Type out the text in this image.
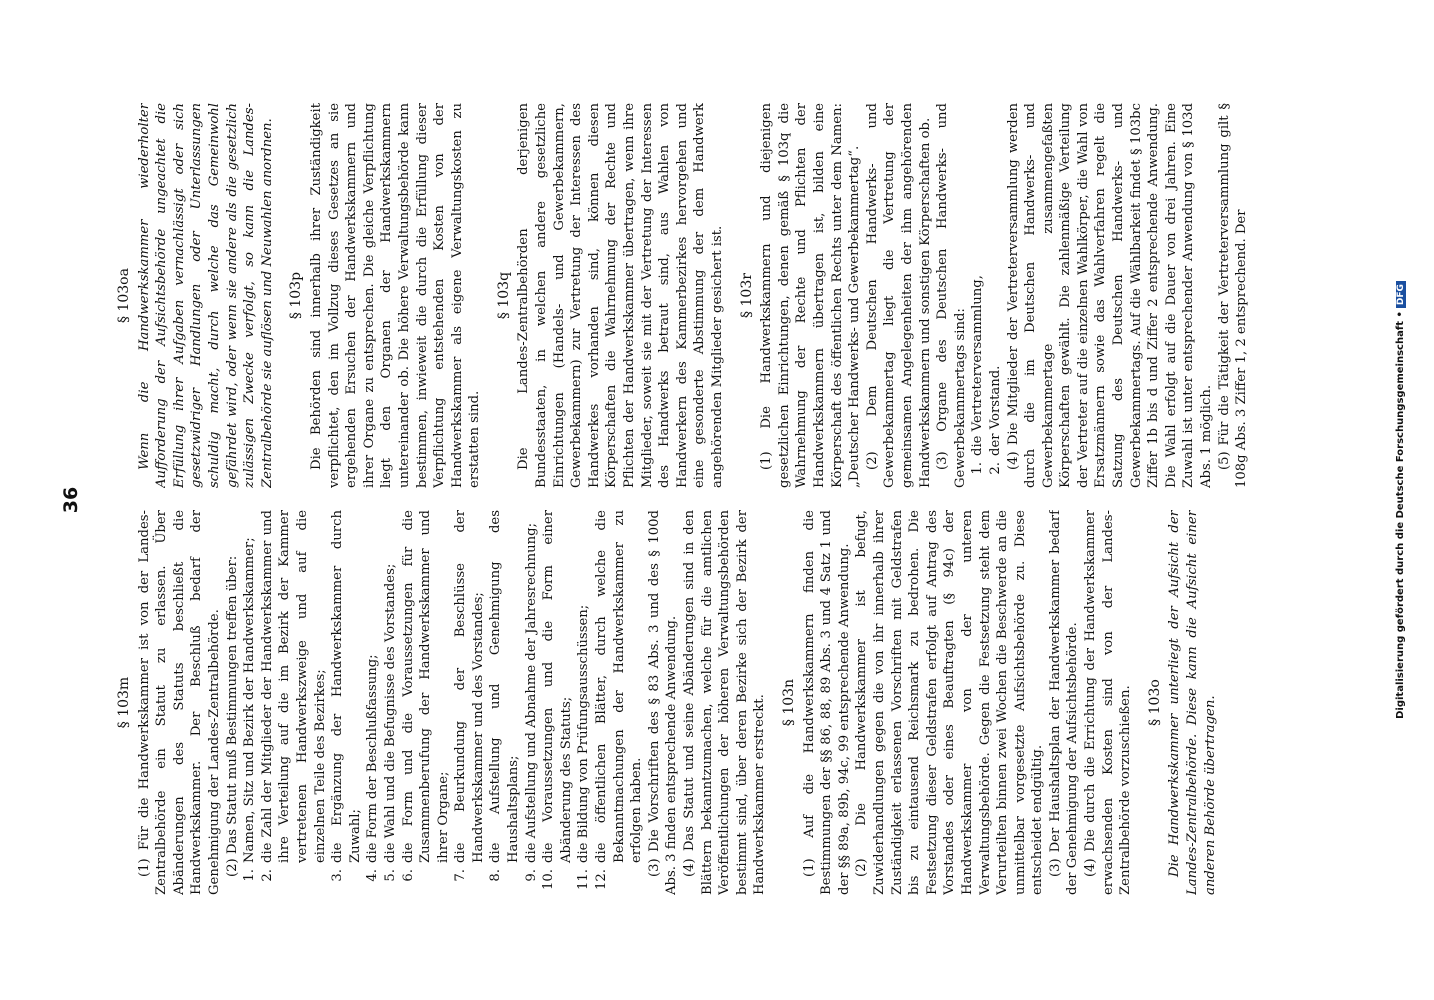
36
§ 103m (1) Für die Handwerkskammer ist von der Landes-Zentralbehörde ein Statut zu erlassen. Über Abänderungen des Statuts beschließt die Handwerkskammer. Der Beschluß bedarf der Genehmigung der Landes-Zentralbehörde. (2) Das Statut muß Bestimmungen treffen über: 1.
Namen, Sitz und Bezirk der Handwerkskammer;
2.
die Zahl der Mitglieder der Handwerkskammer und ihre Verteilung auf die im Bezirk der Kammer vertretenen Handwerkszweige und auf die einzelnen Teile des Bezirkes;
3.
die Ergänzung der Handwerkskammer durch Zuwahl;
4.
die Form der Beschlußfassung;
5.
die Wahl und die Befugnisse des Vorstandes;
6.
die Form und die Voraussetzungen für die Zusammenberufung der Handwerkskammer und ihrer Organe;
7.
die Beurkundung der Beschlüsse der Handwerkskammer und des Vorstandes;
8.
die Aufstellung und Genehmigung des Haushaltsplans;
9.
die Aufstellung und Abnahme der Jahresrechnung;
10.
die Voraussetzungen und die Form einer Abänderung des Statuts;
11.
die Bildung von Prüfungsausschüssen;
12.
die öffentlichen Blätter, durch welche die Bekanntmachungen der Handwerkskammer zu erfolgen haben. (3) Die Vorschriften des § 83 Abs. 3 und des § 100d Abs. 3 finden entsprechende Anwendung. (4) Das Statut und seine Abänderungen sind in den Blättern bekanntzumachen, welche für die amtlichen Veröffentlichungen der höheren Verwaltungsbehörden bestimmt sind, über deren Bezirke sich der Bezirk der Handwerkskammer erstreckt. § 103n (1) Auf die Handwerkskammern finden die Bestimmungen der §§ 86, 88, 89 Abs. 3 und 4 Satz 1 und der §§ 89a, 89b, 94c, 99 entsprechende Anwendung. (2) Die Handwerkskammer ist befugt, Zuwiderhandlungen gegen die von ihr innerhalb ihrer Zuständigkeit erlassenen Vorschriften mit Geldstrafen bis zu eintausend Reichsmark zu bedrohen. Die Festsetzung dieser Geldstrafen erfolgt auf Antrag des Vorstandes oder eines Beauftragten (§ 94c) der Handwerkskammer von der unteren Verwaltungsbehörde. Gegen die Festsetzung steht dem Verurteilten binnen zwei Wochen die Beschwerde an die unmittelbar vorgesetzte Aufsichtsbehörde zu. Diese entscheidet endgültig. (3) Der Haushaltsplan der Handwerkskammer bedarf der Genehmigung der Aufsichtsbehörde. (4) Die durch die Errichtung der Handwerkskammer erwachsenden Kosten sind von der Landes-Zentralbehörde vorzuschießen. § 103o Die Handwerkskammer unterliegt der Aufsicht der Landes-Zentralbehörde. Diese kann die Aufsicht einer anderen Behörde übertragen.

§ 103oa Wenn die Handwerkskammer wiederholter Aufforderung der Aufsichtsbehörde ungeachtet die Erfüllung ihrer Aufgaben vernachlässigt oder sich gesetzwidriger Handlungen oder Unterlassungen schuldig macht, durch welche das Gemeinwohl gefährdet wird, oder wenn sie andere als die gesetzlich zulässigen Zwecke verfolgt, so kann die Landes-Zentralbehörde sie auflösen und Neuwahlen anordnen. § 103p Die Behörden sind innerhalb ihrer Zuständigkeit verpflichtet, den im Vollzug dieses Gesetzes an sie ergehenden Ersuchen der Handwerkskammern und ihrer Organe zu entsprechen. Die gleiche Verpflichtung liegt den Organen der Handwerkskammern untereinander ob. Die höhere Verwaltungsbehörde kann bestimmen, inwieweit die durch die Erfüllung dieser Verpflichtung entstehenden Kosten von der Handwerkskammer als eigene Verwaltungskosten zu erstatten sind.

§ 103q Die Landes-Zentralbehörden derjenigen Bundesstaaten, in welchen andere gesetzliche Einrichtungen (Handels- und Gewerbekammern, Gewerbekammern) zur Vertretung der Interessen des Handwerkes vorhanden sind, können diesen Körperschaften die Wahrnehmung der Rechte und Pflichten der Handwerkskammer übertragen, wenn ihre Mitglieder, soweit sie mit der Vertretung der Interessen des Handwerks betraut sind, aus Wahlen von Handwerkern des Kammerbezirkes hervorgehen und eine gesonderte Abstimmung der dem Handwerk angehörenden Mitglieder gesichert ist. § 103r (1) Die Handwerkskammern und diejenigen gesetzlichen Einrichtungen, denen gemäß § 103q die Wahrnehmung der Rechte und Pflichten der Handwerkskammern übertragen ist, bilden eine Körperschaft des öffentlichen Rechts unter dem Namen: „Deutscher Handwerks- und Gewerbekammertag“. (2) Dem Deutschen Handwerks- und Gewerbekammertag liegt die Vertretung der gemeinsamen Angelegenheiten der ihm angehörenden Handwerkskammern und sonstigen Körperschaften ob. (3) Organe des Deutschen Handwerks- und Gewerbekammertags sind: 1.
die Vertreterversammlung,
2.
der Vorstand. (4) Die Mitglieder der Vertreterversammlung werden durch die im Deutschen Handwerks- und Gewerbekammertage zusammengefaßten Körperschaften gewählt. Die zahlenmäßige Verteilung der Vertreter auf die einzelnen Wahlkörper, die Wahl von Ersatzmännern sowie das Wahlverfahren regelt die Satzung des Deutschen Handwerks- und Gewerbekammertags. Auf die Wählbarkeit findet § 103bc Ziffer 1b bis d und Ziffer 2 entsprechende Anwendung. Die Wahl erfolgt auf die Dauer von drei Jahren. Eine Zuwahl ist unter entsprechender Anwendung von § 103d Abs. 1 möglich. (5) Für die Tätigkeit der Vertreterversammlung gilt § 108g Abs. 3 Ziffer 1, 2 entsprechend. Der	Digitalisierung gefördert durch die Deutsche Forschungsgemeinschaft •DFG
